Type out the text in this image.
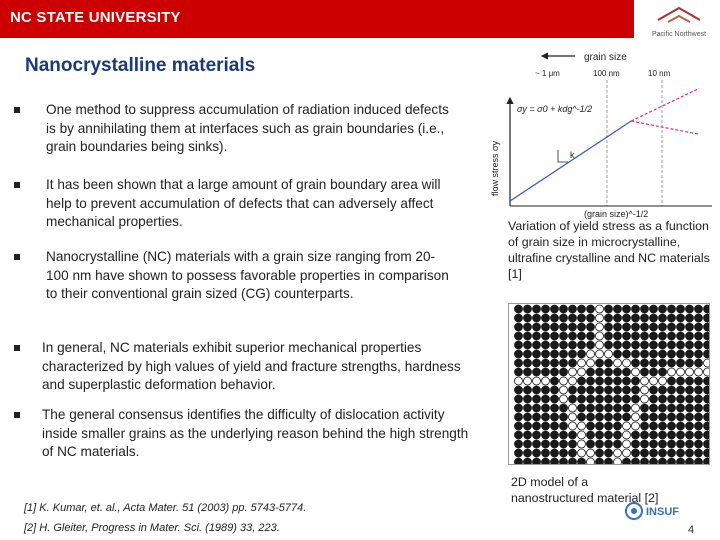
NC STATE UNIVERSITY
Pacific Northwest
Nanocrystalline materials
One method to suppress accumulation of radiation induced defects is by annihilating them at interfaces such as grain boundaries (i.e., grain boundaries being sinks).
It has been shown that a large amount of grain boundary area will help to prevent accumulation of defects that can adversely affect mechanical properties.
Nanocrystalline (NC) materials with a grain size ranging from 20-100 nm have shown to possess favorable properties in comparison to their conventional grain sized (CG) counterparts.
In general, NC materials exhibit superior mechanical properties characterized by high values of yield and fracture strengths, hardness and superplastic deformation behavior.
The general consensus identifies the difficulty of dislocation activity inside smaller grains as the underlying reason behind the high strength of NC materials.
grain size
~ 1 μm	100 nm	10 nm
flow stress σy
(grain size)^-1/2
σy = σ0 + kdg^-1/2
k
Variation of yield stress as a function of grain size in microcrystalline, ultrafine crystalline and NC materials [1]
2D model of a nanostructured material [2]
[1] K. Kumar, et. al., Acta Mater. 51 (2003) pp. 5743-5774.
[2] H. Gleiter, Progress in Mater. Sci. (1989) 33, 223.
INSUF
4
